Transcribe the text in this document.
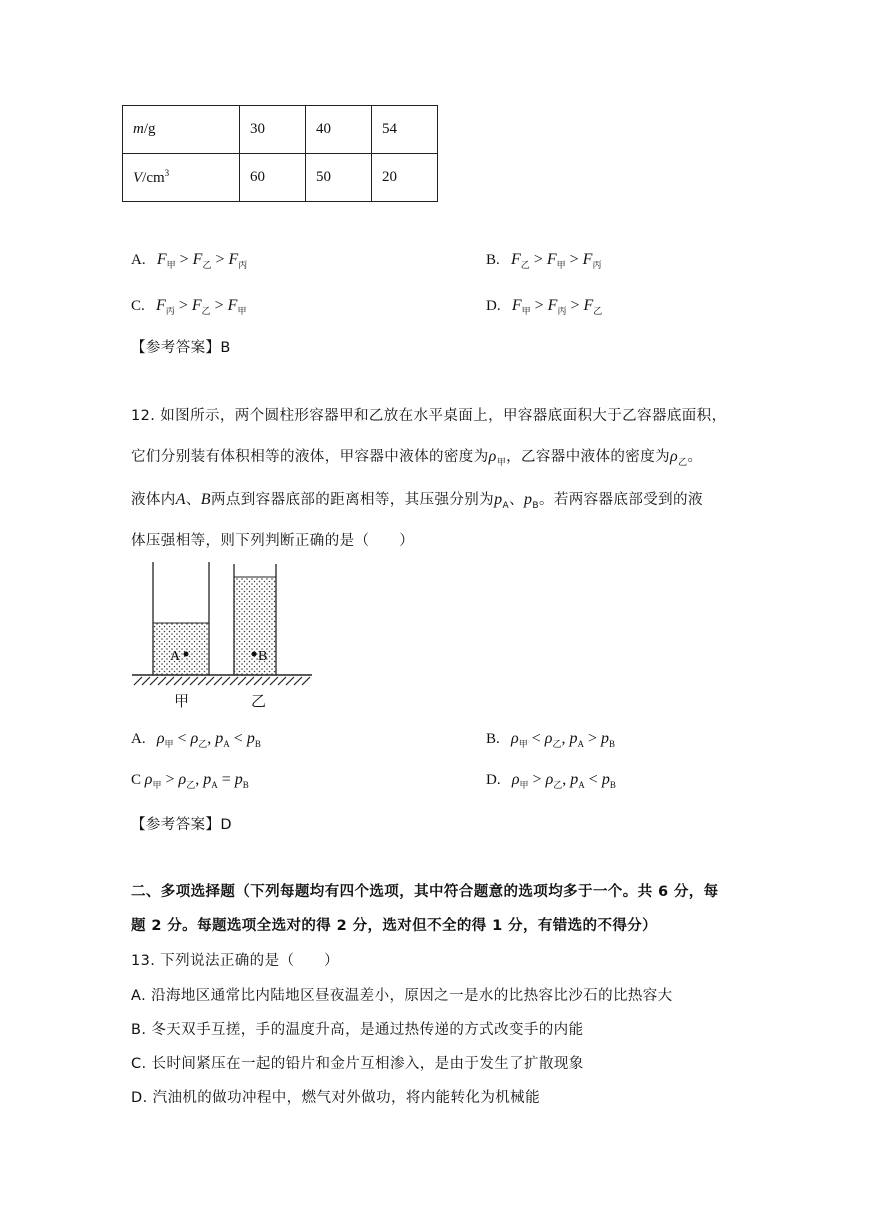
m/g	30	40	54
$V/cm^3$	60	50	20
A. $F_甲 > F_乙 > F_丙$	B. $F_乙 > F_甲 > F_丙$
C. $F_丙 > F_乙 > F_甲$	D. $F_甲 > F_丙 > F_乙$
【参考答案】B
12. 如图所示，两个圆柱形容器甲和乙放在水平桌面上，甲容器底面积大于乙容器底面积，
它们分别装有体积相等的液体，甲容器中液体的密度为$\rho_甲$，乙容器中液体的密度为$\rho_乙$。
液体内A、B两点到容器底部的距离相等，其压强分别为$p_A$、$p_B$。若两容器底部受到的液
体压强相等，则下列判断正确的是（　　）
A	B
甲	乙
A. $\rho_甲 < \rho_乙$, $p_A < p_B$	B. $\rho_甲 < \rho_乙$, $p_A > p_B$
C $\rho_甲 > \rho_乙$, $p_A = p_B$	D. $\rho_甲 > \rho_乙$, $p_A < p_B$
【参考答案】D
二、多项选择题（下列每题均有四个选项，其中符合题意的选项均多于一个。共 6 分，每
题 2 分。每题选项全选对的得 2 分，选对但不全的得 1 分，有错选的不得分）
13. 下列说法正确的是（　　）
A. 沿海地区通常比内陆地区昼夜温差小，原因之一是水的比热容比沙石的比热容大
B. 冬天双手互搓，手的温度升高，是通过热传递的方式改变手的内能
C. 长时间紧压在一起的铅片和金片互相渗入，是由于发生了扩散现象
D. 汽油机的做功冲程中，燃气对外做功，将内能转化为机械能
